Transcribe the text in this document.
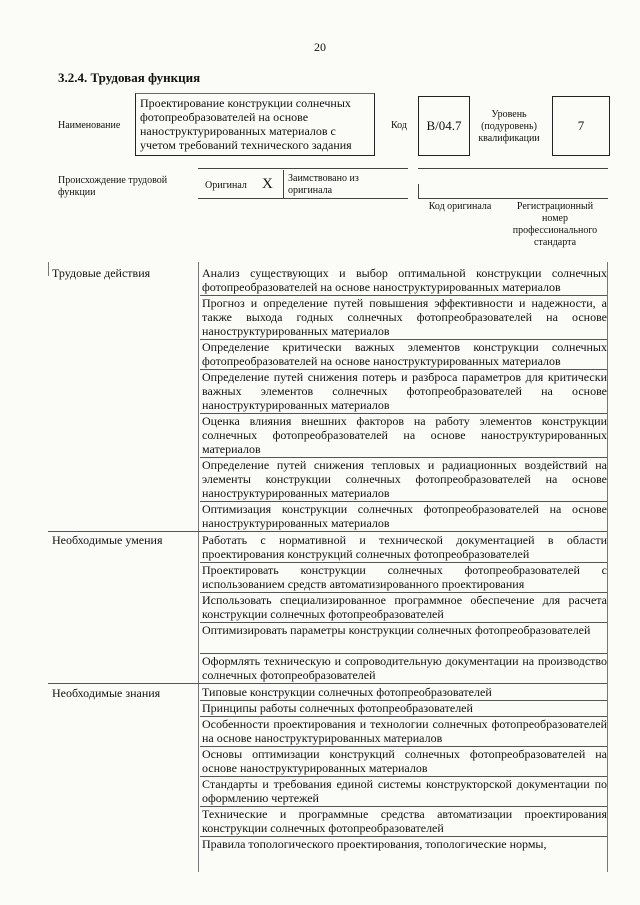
20
3.2.4. Трудовая функция
Наименование
Проектирование конструкции солнечных фотопреобразователей на основе наноструктурированных материалов с учетом требований технического задания
Код	B/04.7
Уровень (подуровень) квалификации
7
Происхождение трудовой функции
Оригинал X Заимствовано из оригинала
Код оригинала	Регистрационный номер профессионального стандарта
Трудовые действия
Необходимые умения
Необходимые знания
Анализ существующих и выбор оптимальной конструкции солнечных фотопреобразователей на основе наноструктурированных материалов
Прогноз и определение путей повышения эффективности и надежности, а также выхода годных солнечных фотопреобразователей на основе наноструктурированных материалов
Определение критически важных элементов конструкции солнечных фотопреобразователей на основе наноструктурированных материалов
Определение путей снижения потерь и разброса параметров для критически важных элементов солнечных фотопреобразователей на основе наноструктурированных материалов
Оценка влияния внешних факторов на работу элементов конструкции солнечных фотопреобразователей на основе наноструктурированных материалов
Определение путей снижения тепловых и радиационных воздействий на элементы конструкции солнечных фотопреобразователей на основе наноструктурированных материалов
Оптимизация конструкции солнечных фотопреобразователей на основе наноструктурированных материалов
Работать с нормативной и технической документацией в области проектирования конструкций солнечных фотопреобразователей
Проектировать конструкции солнечных фотопреобразователей с использованием средств автоматизированного проектирования
Использовать специализированное программное обеспечение для расчета конструкции солнечных фотопреобразователей
Оптимизировать параметры конструкции солнечных фотопреобразователей
Оформлять техническую и сопроводительную документации на производство солнечных фотопреобразователей
Типовые конструкции солнечных фотопреобразователей
Принципы работы солнечных фотопреобразователей
Особенности проектирования и технологии солнечных фотопреобразователей на основе наноструктурированных материалов
Основы оптимизации конструкций солнечных фотопреобразователей на основе наноструктурированных материалов
Стандарты и требования единой системы конструкторской документации по оформлению чертежей
Технические и программные средства автоматизации проектирования конструкции солнечных фотопреобразователей
Правила топологического проектирования, топологические нормы,
